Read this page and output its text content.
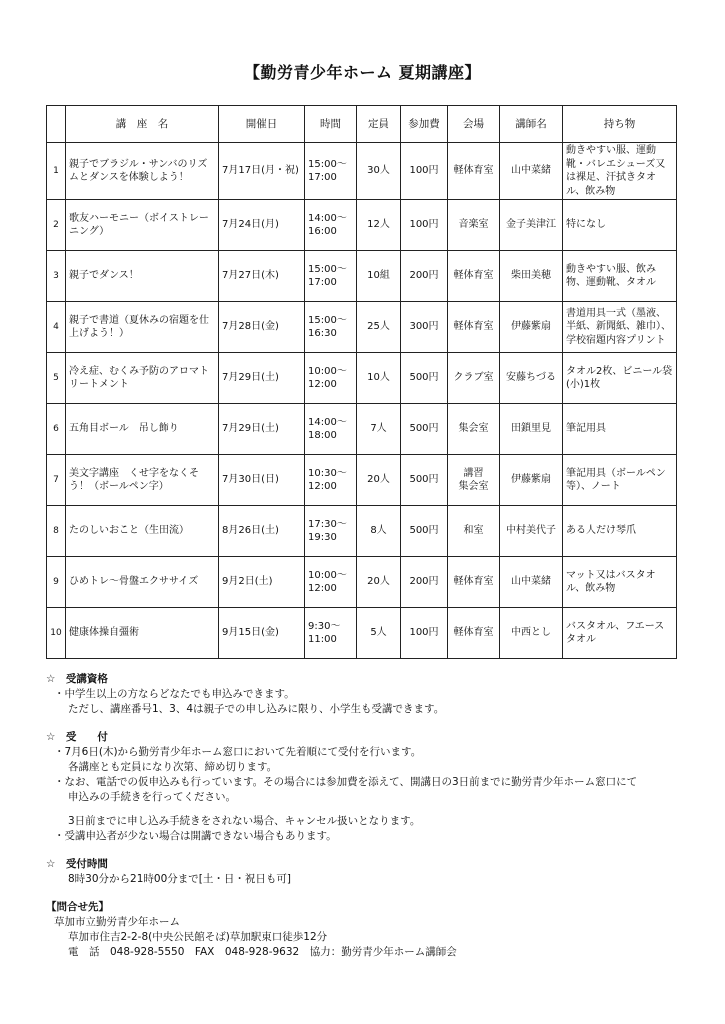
【勤労青少年ホーム 夏期講座】
	講　座　名	開催日	時間	定員	参加費	会場	講師名	持ち物
1	親子でブラジル・サンバのリズムとダンスを体験しよう！	7月17日(月・祝)	15:00～
17:00	30人	100円	軽体育室	山中菜緒	動きやすい服、運動靴・バレエシューズ又は裸足、汗拭きタオル、飲み物
2	歌友ハーモニー（ボイストレーニング）	7月24日(月)	14:00～
16:00	12人	100円	音楽室	金子美津江	特になし
3	親子でダンス！	7月27日(木)	15:00～
17:00	10組	200円	軽体育室	柴田美穂	動きやすい服、飲み物、運動靴、タオル
4	親子で書道（夏休みの宿題を仕上げよう！）	7月28日(金)	15:00～
16:30	25人	300円	軽体育室	伊藤紫扇	書道用具一式（墨液、半紙、新聞紙、雑巾）、学校宿題内容プリント
5	冷え症、むくみ予防のアロマトリートメント	7月29日(土)	10:00～
12:00	10人	500円	クラブ室	安藤ちづる	タオル2枚、ビニール袋(小)1枚
6	五角目ボール　吊し飾り	7月29日(土)	14:00～
18:00	7人	500円	集会室	田鎖里見	筆記用具
7	美文字講座　くせ字をなくそう！（ボールペン字）	7月30日(日)	10:30～
12:00	20人	500円	講習
集会室	伊藤紫扇	筆記用具（ボールペン等）、ノート
8	たのしいおこと（生田流）	8月26日(土)	17:30～
19:30	8人	500円	和室	中村美代子	ある人だけ琴爪
9	ひめトレ～骨盤エクササイズ	9月2日(土)	10:00～
12:00	20人	200円	軽体育室	山中菜緒	マット又はバスタオル、飲み物
10	健康体操自彊術	9月15日(金)	9:30～
11:00	5人	100円	軽体育室	中西とし	バスタオル、フエースタオル

☆　受講資格

・中学生以上の方ならどなたでも申込みできます。

ただし、講座番号1、3、4は親子での申し込みに限り、小学生も受講できます。

☆　受　　付

・7月6日(木)から勤労青少年ホーム窓口において先着順にて受付を行います。

各講座とも定員になり次第、締め切ります。

・なお、電話での仮申込みも行っています。その場合には参加費を添えて、開講日の3日前までに勤労青少年ホーム窓口にて

申込みの手続きを行ってください。

3日前までに申し込み手続きをされない場合、キャンセル扱いとなります。

・受講申込者が少ない場合は開講できない場合もあります。

☆　受付時間

8時30分から21時00分まで[土・日・祝日も可]

【問合せ先】

草加市立勤労青少年ホーム

草加市住吉2-2-8(中央公民館そば)草加駅東口徒歩12分

電　話　048-928-5550　FAX　048-928-9632　協力：勤労青少年ホーム講師会
